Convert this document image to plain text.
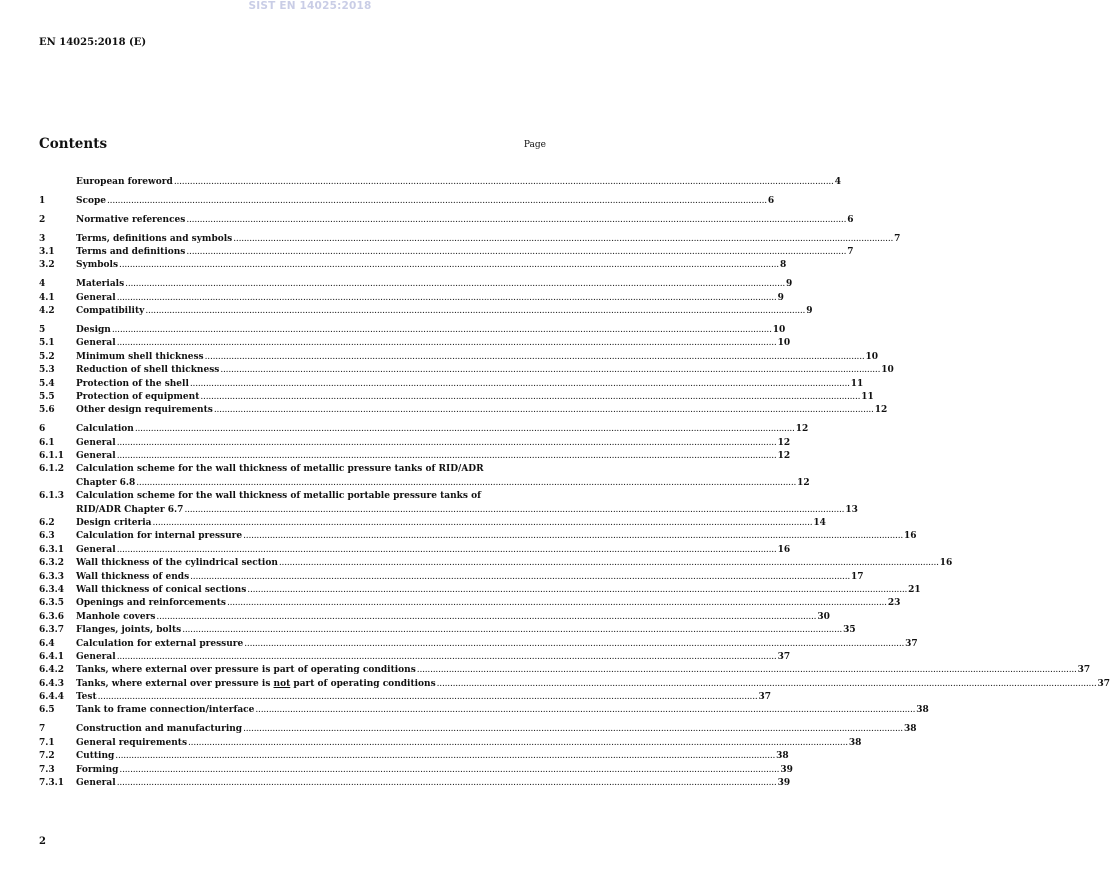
SIST EN 14025:2018
EN 14025:2018 (E)
Contents	Page
European foreword .....	4
1	Scope .....	6
2	Normative references .....	6
3	Terms, definitions and symbols .....	7
3.1	Terms and definitions .....	7
3.2	Symbols .....	8
4	Materials .....	9
4.1	General .....	9
4.2	Compatibility .....	9
5	Design .....	10
5.1	General .....	10
5.2	Minimum shell thickness .....	10
5.3	Reduction of shell thickness .....	10
5.4	Protection of the shell .....	11
5.5	Protection of equipment .....	11
5.6	Other design requirements .....	12
6	Calculation .....	12
6.1	General .....	12
6.1.1	General .....	12
6.1.2	Calculation scheme for the wall thickness of metallic pressure tanks of RID/ADR
Chapter 6.8 .....	12
6.1.3	Calculation scheme for the wall thickness of metallic portable pressure tanks of
RID/ADR Chapter 6.7 .....	13
6.2	Design criteria .....	14
6.3	Calculation for internal pressure .....	16
6.3.1	General .....	16
6.3.2	Wall thickness of the cylindrical section .....	16
6.3.3	Wall thickness of ends .....	17
6.3.4	Wall thickness of conical sections .....	21
6.3.5	Openings and reinforcements .....	23
6.3.6	Manhole covers .....	30
6.3.7	Flanges, joints, bolts .....	35
6.4	Calculation for external pressure .....	37
6.4.1	General .....	37
6.4.2	Tanks, where external over pressure is part of operating conditions .....	37
6.4.3	Tanks, where external over pressure is not part of operating conditions .....	37
6.4.4	Test .....	37
6.5	Tank to frame connection/interface .....	38
7	Construction and manufacturing .....	38
7.1	General requirements .....	38
7.2	Cutting .....	38
7.3	Forming .....	39
7.3.1	General .....	39
2
